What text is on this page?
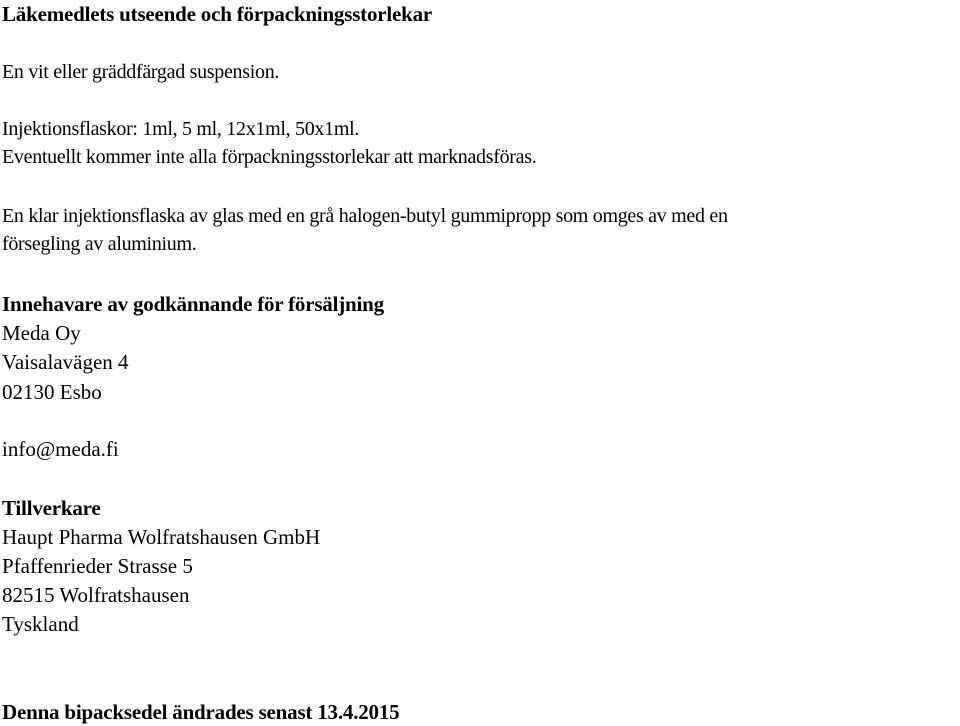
Läkemedlets utseende och förpackningsstorlekar
En vit eller gräddfärgad suspension.
Injektionsflaskor: 1ml, 5 ml, 12x1ml, 50x1ml.
Eventuellt kommer inte alla förpackningsstorlekar att marknadsföras.
En klar injektionsflaska av glas med en grå halogen-butyl gummipropp som omges av med en
försegling av aluminium.
Innehavare av godkännande för försäljning
Meda Oy
Vaisalavägen 4
02130 Esbo
info@meda.fi
Tillverkare
Haupt Pharma Wolfratshausen GmbH
Pfaffenrieder Strasse 5
82515 Wolfratshausen
Tyskland
Denna bipacksedel ändrades senast 13.4.2015
